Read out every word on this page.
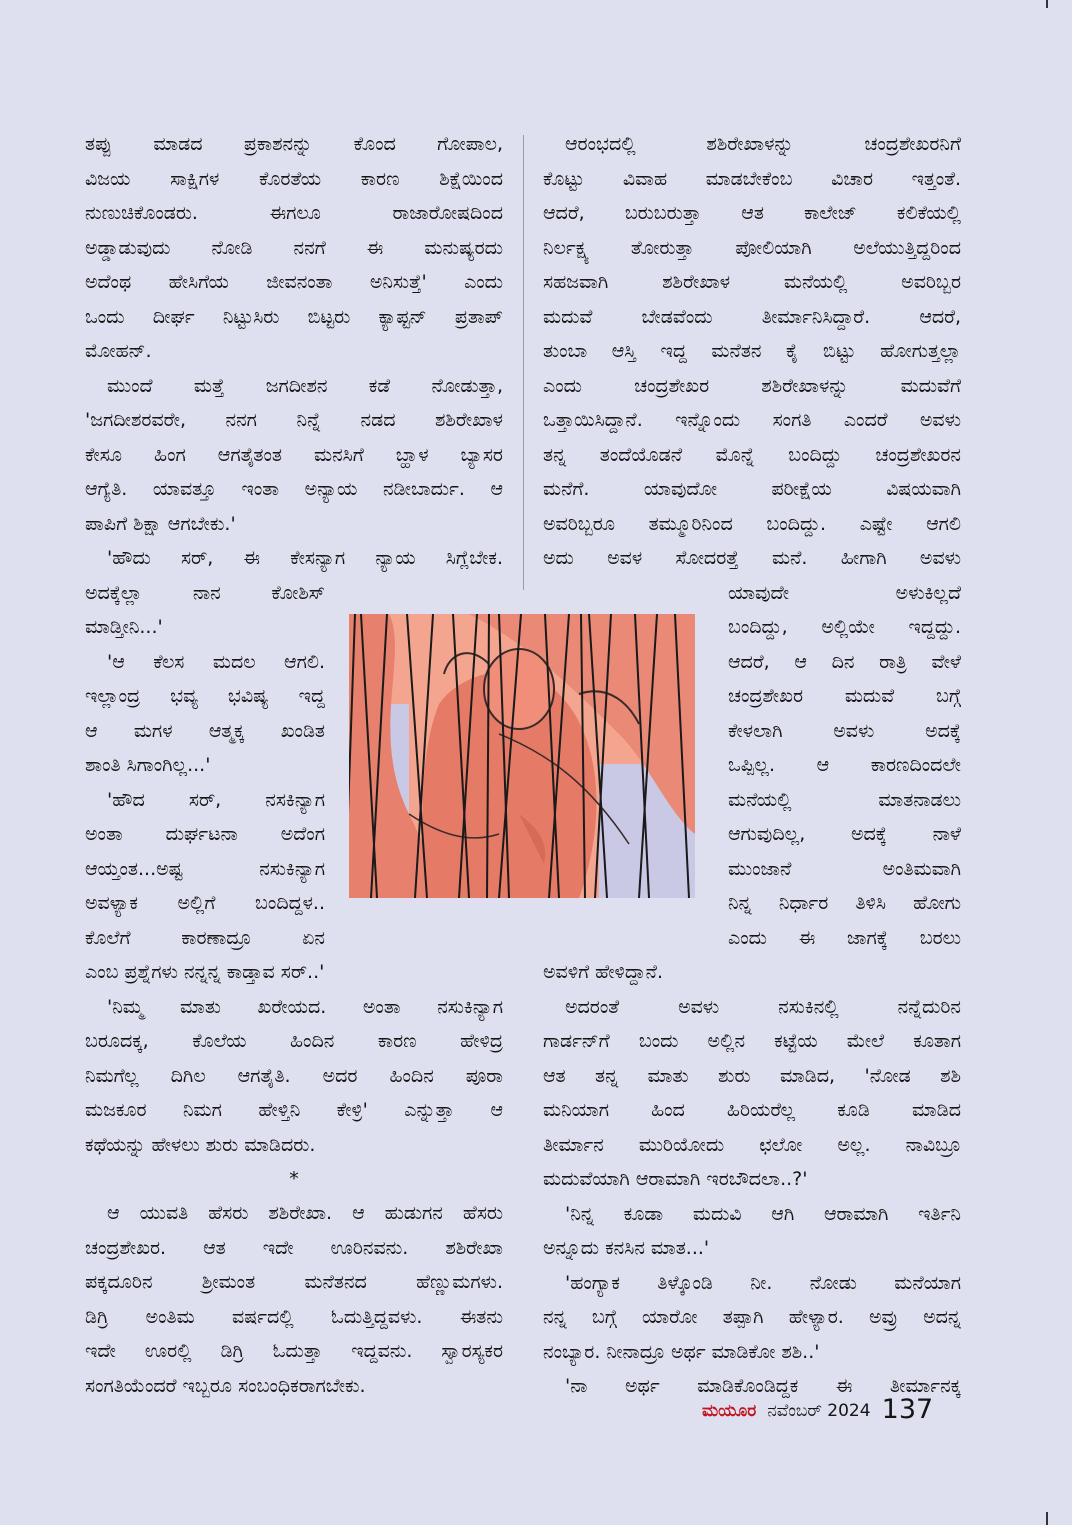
ತಪ್ಪು ಮಾಡದ ಪ್ರಕಾಶನನ್ನು ಕೊಂದ ಗೋಪಾಲ,
ವಿಜಯ ಸಾಕ್ಷಿಗಳ ಕೊರತೆಯ ಕಾರಣ ಶಿಕ್ಷೆಯಿಂದ
ನುಣುಚಿಕೊಂಡರು. ಈಗಲೂ ರಾಜಾರೋಷದಿಂದ
ಅಡ್ಡಾಡುವುದು ನೋಡಿ ನನಗೆ ಈ ಮನುಷ್ಯರದು
ಅದೆಂಥ ಹೇಸಿಗೆಯ ಜೀವನಂತಾ ಅನಿಸುತ್ತೆ' ಎಂದು
ಒಂದು ದೀರ್ಘ ನಿಟ್ಟುಸಿರು ಬಿಟ್ಟರು ಕ್ಯಾಪ್ಟನ್ ಪ್ರತಾಪ್
ಮೋಹನ್.

ಮುಂದೆ ಮತ್ತೆ ಜಗದೀಶನ ಕಡೆ ನೋಡುತ್ತಾ,
'ಜಗದೀಶರವರೇ, ನನಗ ನಿನ್ನೆ ನಡದ ಶಶಿರೇಖಾಳ
ಕೇಸೂ ಹಿಂಗ ಆಗತೈತಂತ ಮನಸಿಗೆ ಬ್ಹಾಳ ಬ್ಯಾಸರ
ಆಗ್ಯೆತಿ. ಯಾವತ್ತೂ ಇಂತಾ ಅನ್ಯಾಯ ನಡೀಬಾರ್ದು. ಆ
ಪಾಪಿಗೆ ಶಿಕ್ಷಾ ಆಗಬೇಕು.'

'ಹೌದು ಸರ್, ಈ ಕೇಸನ್ಯಾಗ ನ್ಯಾಯ ಸಿಗ್ಲೆಬೇಕ.
ಅದಕ್ಕೆಲ್ಲಾ ನಾನ ಕೋಶಿಸ್
ಮಾಡ್ತೀನಿ...'

'ಆ ಕೆಲಸ ಮದಲ ಆಗಲಿ.
ಇಲ್ಲಾಂದ್ರ ಭವ್ಯ ಭವಿಷ್ಯ ಇದ್ದ
ಆ ಮಗಳ ಆತ್ಮಕ್ಕ ಖಂಡಿತ
ಶಾಂತಿ ಸಿಗಾಂಗಿಲ್ಲ...'

'ಹೌದ ಸರ್, ನಸಕಿನ್ಯಾಗ
ಅಂತಾ ದುರ್ಘಟನಾ ಅದೆಂಗ
ಆಯ್ತಂತ...ಅಷ್ಟ ನಸುಕಿನ್ಯಾಗ
ಅವಳ್ಯಾಕ ಅಲ್ಲಿಗೆ ಬಂದಿದ್ದಳ..
ಕೊಲೆಗೆ ಕಾರಣಾದ್ರೂ ಏನ
ಎಂಬ ಪ್ರಶ್ನೆಗಳು ನನ್ನನ್ನ ಕಾಡ್ತಾವ ಸರ್..'

'ನಿಮ್ಮ ಮಾತು ಖರೇಯದ. ಅಂತಾ ನಸುಕಿನ್ಯಾಗ
ಬರೂದಕ್ಕ, ಕೊಲೆಯ ಹಿಂದಿನ ಕಾರಣ ಹೇಳಿದ್ರ
ನಿಮಗೆಲ್ಲ ದಿಗಿಲ ಆಗತೈತಿ. ಅದರ ಹಿಂದಿನ ಪೂರಾ
ಮಜಕೂರ ನಿಮಗ ಹೇಳ್ತಿನಿ ಕೇಳ್ರಿ' ಎನ್ನುತ್ತಾ ಆ
ಕಥೆಯನ್ನು ಹೇಳಲು ಶುರು ಮಾಡಿದರು.

*

ಆ ಯುವತಿ ಹೆಸರು ಶಶಿರೇಖಾ. ಆ ಹುಡುಗನ ಹೆಸರು
ಚಂದ್ರಶೇಖರ. ಆತ ಇದೇ ಊರಿನವನು. ಶಶಿರೇಖಾ
ಪಕ್ಕದೂರಿನ ಶ್ರೀಮಂತ ಮನೆತನದ ಹೆಣ್ಣುಮಗಳು.
ಡಿಗ್ರಿ ಅಂತಿಮ ವರ್ಷದಲ್ಲಿ ಓದುತ್ತಿದ್ದವಳು. ಈತನು
ಇದೇ ಊರಲ್ಲಿ ಡಿಗ್ರಿ ಓದುತ್ತಾ ಇದ್ದವನು. ಸ್ವಾರಸ್ಯಕರ
ಸಂಗತಿಯೆಂದರೆ ಇಬ್ಬರೂ ಸಂಬಂಧಿಕರಾಗಬೇಕು.

ಆರಂಭದಲ್ಲಿ ಶಶಿರೇಖಾಳನ್ನು ಚಂದ್ರಶೇಖರನಿಗೆ
ಕೊಟ್ಟು ವಿವಾಹ ಮಾಡಬೇಕೆಂಬ ವಿಚಾರ ಇತ್ತಂತೆ.
ಆದರೆ, ಬರುಬರುತ್ತಾ ಆತ ಕಾಲೇಜ್ ಕಲಿಕೆಯಲ್ಲಿ
ನಿರ್ಲಕ್ಷ್ಯ ತೋರುತ್ತಾ ಪೋಲಿಯಾಗಿ ಅಲೆಯುತ್ತಿದ್ದರಿಂದ
ಸಹಜವಾಗಿ ಶಶಿರೇಖಾಳ ಮನೆಯಲ್ಲಿ ಅವರಿಬ್ಬರ
ಮದುವೆ ಬೇಡವೆಂದು ತೀರ್ಮಾನಿಸಿದ್ದಾರೆ. ಆದರೆ,
ತುಂಬಾ ಆಸ್ತಿ ಇದ್ದ ಮನೆತನ ಕೈ ಬಿಟ್ಟು ಹೋಗುತ್ತಲ್ಲಾ
ಎಂದು ಚಂದ್ರಶೇಖರ ಶಶಿರೇಖಾಳನ್ನು ಮದುವೆಗೆ
ಒತ್ತಾಯಿಸಿದ್ದಾನೆ. ಇನ್ನೊಂದು ಸಂಗತಿ ಎಂದರೆ ಅವಳು
ತನ್ನ ತಂದೆಯೊಡನೆ ಮೊನ್ನೆ ಬಂದಿದ್ದು ಚಂದ್ರಶೇಖರನ
ಮನೆಗೆ. ಯಾವುದೋ ಪರೀಕ್ಷೆಯ ವಿಷಯವಾಗಿ
ಅವರಿಬ್ಬರೂ ತಮ್ಮೂರಿನಿಂದ ಬಂದಿದ್ದು. ಎಷ್ಟೇ ಆಗಲಿ
ಅದು ಅವಳ ಸೋದರತ್ತೆ ಮನೆ. ಹೀಗಾಗಿ ಅವಳು
ಯಾವುದೇ ಅಳುಕಿಲ್ಲದೆ
ಬಂದಿದ್ದು, ಅಲ್ಲಿಯೇ ಇದ್ದದ್ದು.
ಆದರೆ, ಆ ದಿನ ರಾತ್ರಿ ವೇಳೆ
ಚಂದ್ರಶೇಖರ ಮದುವೆ ಬಗ್ಗೆ
ಕೇಳಲಾಗಿ ಅವಳು ಅದಕ್ಕೆ
ಒಪ್ಪಿಲ್ಲ. ಆ ಕಾರಣದಿಂದಲೇ
ಮನೆಯಲ್ಲಿ ಮಾತನಾಡಲು
ಆಗುವುದಿಲ್ಲ, ಅದಕ್ಕೆ ನಾಳೆ
ಮುಂಜಾನೆ ಅಂತಿಮವಾಗಿ
ನಿನ್ನ ನಿರ್ಧಾರ ತಿಳಿಸಿ ಹೋಗು
ಎಂದು ಈ ಜಾಗಕ್ಕೆ ಬರಲು
ಅವಳಿಗೆ ಹೇಳಿದ್ದಾನೆ.

ಅದರಂತೆ ಅವಳು ನಸುಕಿನಲ್ಲಿ ನನ್ನೆದುರಿನ
ಗಾರ್ಡನ್‌ಗೆ ಬಂದು ಅಲ್ಲಿನ ಕಟ್ಟೆಯ ಮೇಲೆ ಕೂತಾಗ
ಆತ ತನ್ನ ಮಾತು ಶುರು ಮಾಡಿದ, 'ನೋಡ ಶಶಿ
ಮನಿಯಾಗ ಹಿಂದ ಹಿರಿಯರೆಲ್ಲ ಕೂಡಿ ಮಾಡಿದ
ತೀರ್ಮಾನ ಮುರಿಯೋದು ಛಲೋ ಅಲ್ಲ. ನಾವಿಬ್ರೂ
ಮದುವೆಯಾಗಿ ಆರಾಮಾಗಿ ಇರಬೌದಲಾ..?'

'ನಿನ್ನ ಕೂಡಾ ಮದುವಿ ಆಗಿ ಆರಾಮಾಗಿ ಇರ್ತಿನಿ
ಅನ್ನೂದು ಕನಸಿನ ಮಾತ...'

'ಹಂಗ್ಯಾಕ ತಿಳ್ಕೊಂಡಿ ನೀ. ನೋಡು ಮನೆಯಾಗ
ನನ್ನ ಬಗ್ಗೆ ಯಾರೋ ತಪ್ಪಾಗಿ ಹೇಳ್ಯಾರ. ಅವ್ರು ಅದನ್ನ
ನಂಬ್ಯಾರ. ನೀನಾದ್ರೂ ಅರ್ಥ ಮಾಡಿಕೋ ಶಶಿ..'

'ನಾ ಅರ್ಥ ಮಾಡಿಕೊಂಡಿದ್ದಕ ಈ ತೀರ್ಮಾನಕ್ಕ

ಮಯೂರ ನವೆಂಬರ್ 2024 137
